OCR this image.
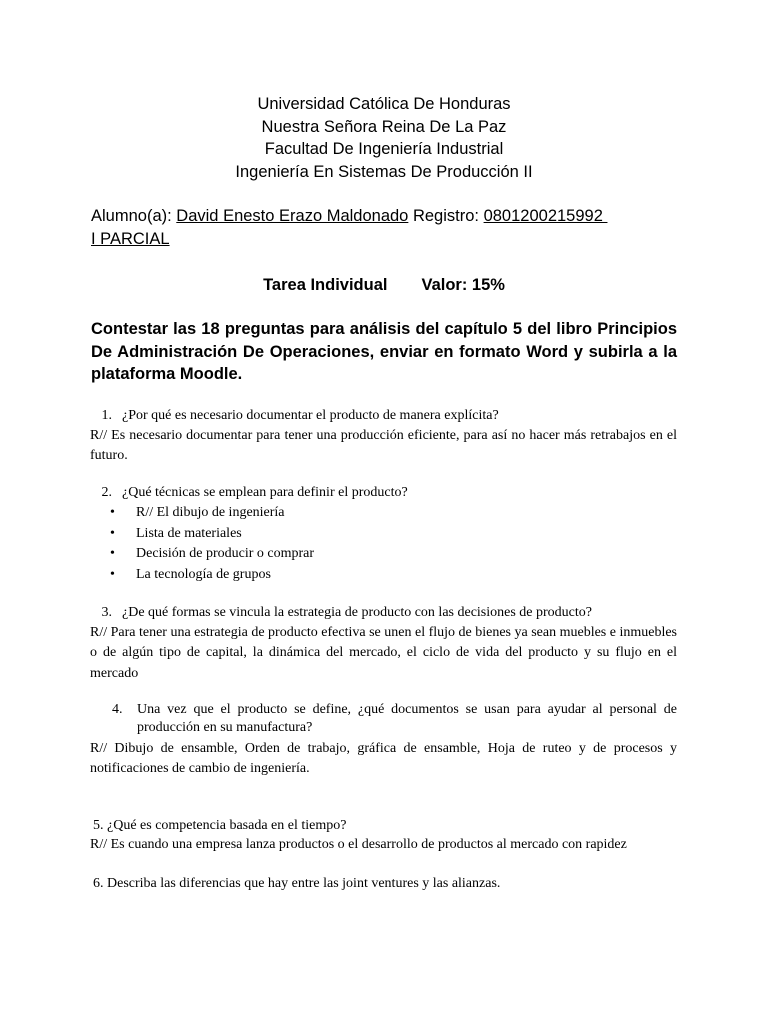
Universidad Católica De Honduras
Nuestra Señora Reina De La Paz
Facultad De Ingeniería Industrial
Ingeniería En Sistemas De Producción II
Alumno(a): David Enesto Erazo Maldonado Registro: 0801200215992
I PARCIAL
Tarea Individual Valor: 15%
Contestar las 18 preguntas para análisis del capítulo 5 del libro Principios De Administración De Operaciones, enviar en formato Word y subirla a la plataforma Moodle.
1. ¿Por qué es necesario documentar el producto de manera explícita?
R// Es necesario documentar para tener una producción eficiente, para así no hacer más retrabajos en el futuro.
2. ¿Qué técnicas se emplean para definir el producto?
• R// El dibujo de ingeniería
• Lista de materiales
• Decisión de producir o comprar
• La tecnología de grupos
3. ¿De qué formas se vincula la estrategia de producto con las decisiones de producto?
R// Para tener una estrategia de producto efectiva se unen el flujo de bienes ya sean muebles e inmuebles o de algún tipo de capital, la dinámica del mercado, el ciclo de vida del producto y su flujo en el mercado
4.	Una vez que el producto se define, ¿qué documentos se usan para ayudar al personal de producción en su manufactura?
R// Dibujo de ensamble, Orden de trabajo, gráfica de ensamble, Hoja de ruteo y de procesos y notificaciones de cambio de ingeniería.
5. ¿Qué es competencia basada en el tiempo?
R// Es cuando una empresa lanza productos o el desarrollo de productos al mercado con rapidez
6. Describa las diferencias que hay entre las joint ventures y las alianzas.
